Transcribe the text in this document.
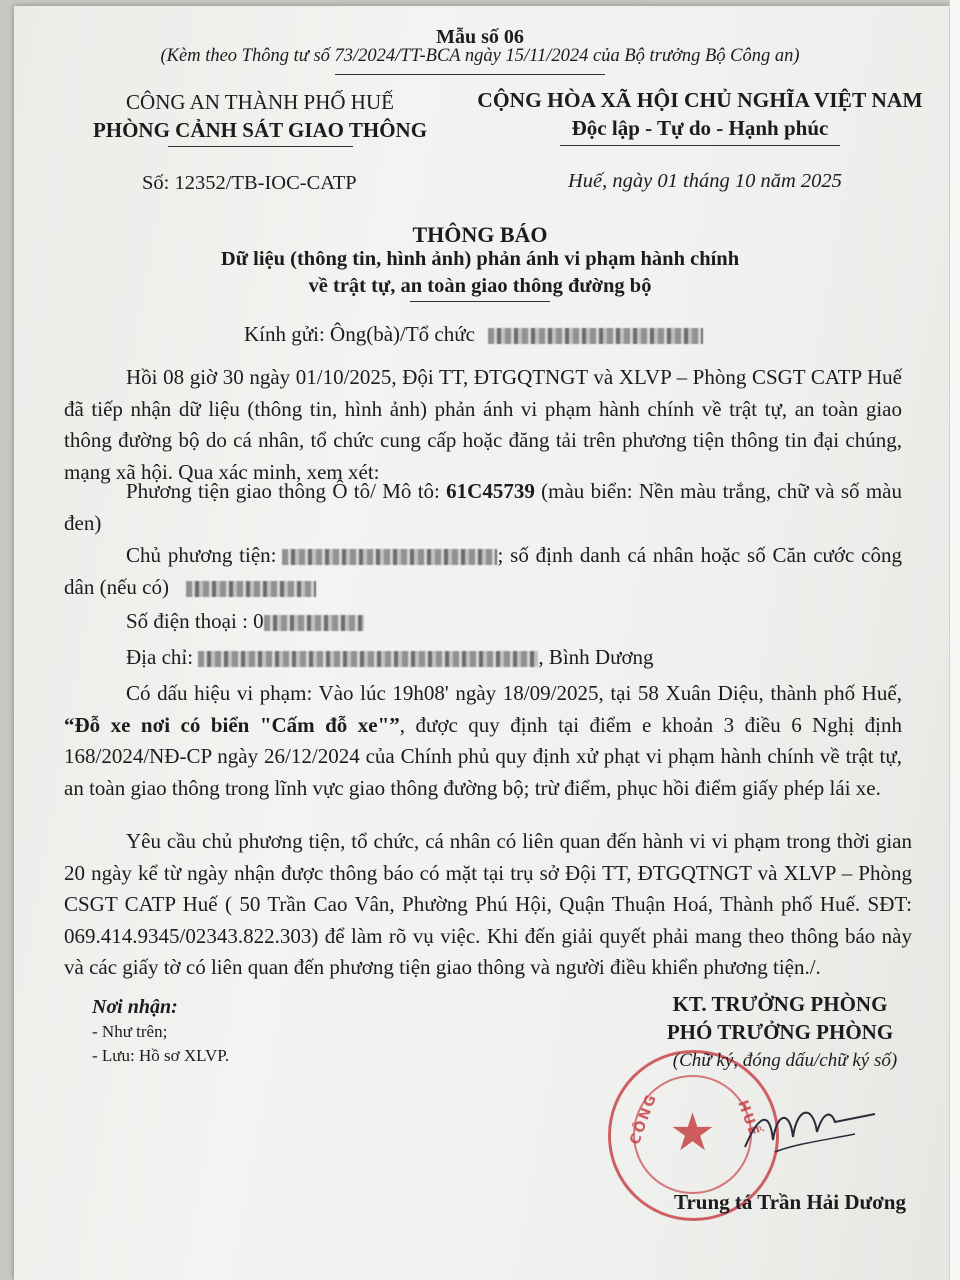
Mẫu số 06
(Kèm theo Thông tư số 73/2024/TT-BCA ngày 15/11/2024 của Bộ trưởng Bộ Công an)
CÔNG AN THÀNH PHỐ HUẾ
PHÒNG CẢNH SÁT GIAO THÔNG
CỘNG HÒA XÃ HỘI CHỦ NGHĨA VIỆT NAM
Độc lập - Tự do - Hạnh phúc
Số: 12352/TB-IOC-CATP	Huế, ngày 01 tháng 10 năm 2025
THÔNG BÁO
Dữ liệu (thông tin, hình ảnh) phản ánh vi phạm hành chính
về trật tự, an toàn giao thông đường bộ
Kính gửi: Ông(bà)/Tổ chức
Hồi 08 giờ 30 ngày 01/10/2025, Đội TT, ĐTGQTNGT và XLVP – Phòng CSGT CATP Huế đã tiếp nhận dữ liệu (thông tin, hình ảnh) phản ánh vi phạm hành chính về trật tự, an toàn giao thông đường bộ do cá nhân, tổ chức cung cấp hoặc đăng tải trên phương tiện thông tin đại chúng, mạng xã hội. Qua xác minh, xem xét:
Phương tiện giao thông Ô tô/ Mô tô: 61C45739 (màu biển: Nền màu trắng, chữ và số màu đen)
Chủ phương tiện:	; số định danh cá nhân hoặc số Căn cước công dân (nếu có)
Số điện thoại : 0
Địa chỉ:	, Bình Dương
Có dấu hiệu vi phạm: Vào lúc 19h08' ngày 18/09/2025, tại 58 Xuân Diệu, thành phố Huế, “Đỗ xe nơi có biển "Cấm đỗ xe"”, được quy định tại điểm e khoản 3 điều 6 Nghị định 168/2024/NĐ-CP ngày 26/12/2024 của Chính phủ quy định xử phạt vi phạm hành chính về trật tự, an toàn giao thông trong lĩnh vực giao thông đường bộ; trừ điểm, phục hồi điểm giấy phép lái xe.
Yêu cầu chủ phương tiện, tổ chức, cá nhân có liên quan đến hành vi vi phạm trong thời gian 20 ngày kể từ ngày nhận được thông báo có mặt tại trụ sở Đội TT, ĐTGQTNGT và XLVP – Phòng CSGT CATP Huế ( 50 Trần Cao Vân, Phường Phú Hội, Quận Thuận Hoá, Thành phố Huế. SĐT: 069.414.9345/02343.822.303) để làm rõ vụ việc. Khi đến giải quyết phải mang theo thông báo này và các giấy tờ có liên quan đến phương tiện giao thông và người điều khiển phương tiện./.
Nơi nhận:
- Như trên;
- Lưu: Hồ sơ XLVP.
★
CÔNG	HUẾ
KT. TRƯỞNG PHÒNG
PHÓ TRƯỞNG PHÒNG
(Chữ ký, đóng dấu/chữ ký số)
Trung tá Trần Hải Dương
